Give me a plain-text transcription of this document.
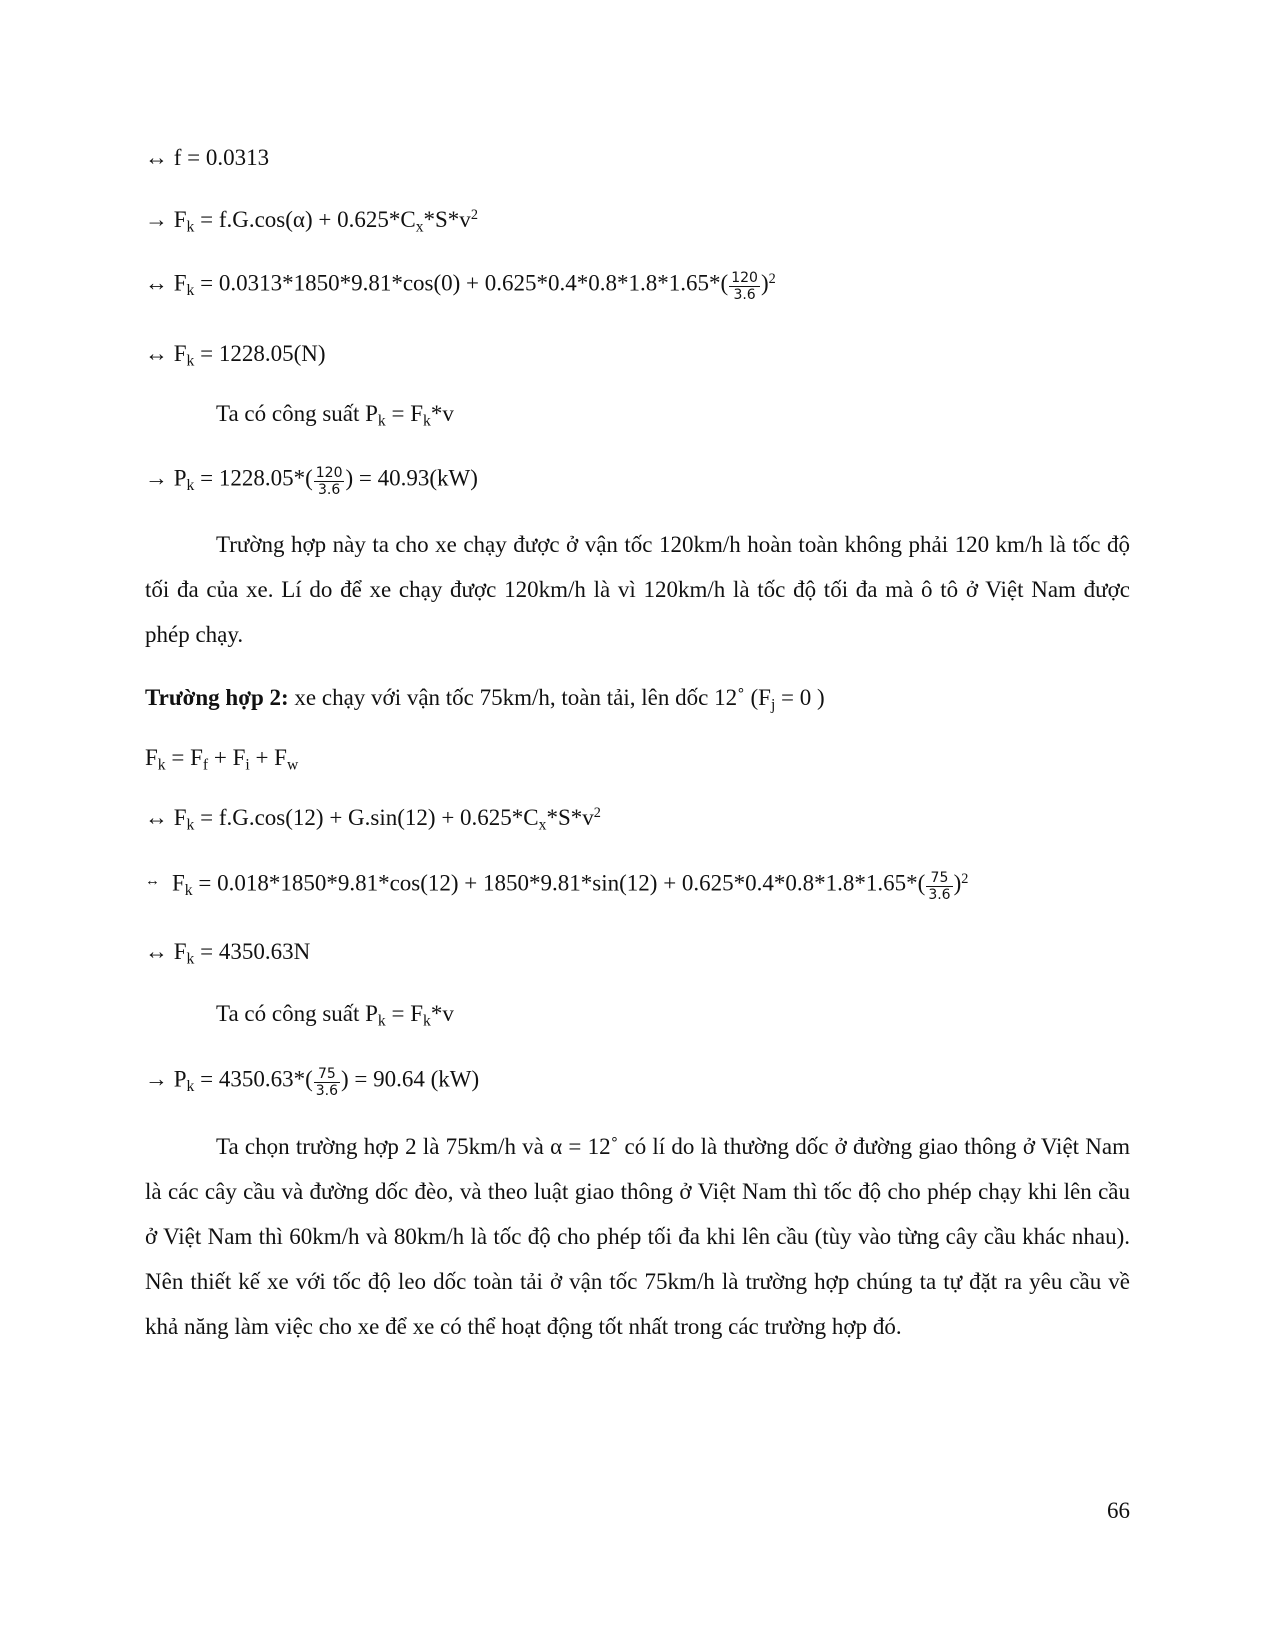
↔ f = 0.0313
→ $F_k = f.G.\cos(\alpha) + 0.625*C_x*S*v^2$
↔ $F_k = 0.0313*1850*9.81*\cos(0) + 0.625*0.4*0.8*1.8*1.65*( \frac{120}{3.6} )^2$
↔ $F_k = 1228.05(N)$
Ta có công suất $P_k = F_k*v$
→ $P_k = 1228.05*( \frac{120}{3.6}$ ) = 40.93(kW)
Trường hợp này ta cho xe chạy được ở vận tốc 120km/h hoàn toàn không phải 120 km/h là tốc độ tối đa của xe. Lí do để xe chạy được 120km/h là vì 120km/h là tốc độ tối đa mà ô tô ở Việt Nam được phép chạy.
Trường hợp 2: xe chạy với vận tốc 75km/h, toàn tải, lên dốc 12˚ ($F_j = 0$ )
$F_k = F_f + F_i + F_w$
↔ $F_k = f.G.\cos(12) + G.\sin(12) + 0.625*C_x*S*v^2$
↔ $F_k = 0.018*1850*9.81*\cos(12) + 1850*9.81*\sin(12) + 0.625*0.4*0.8*1.8*1.65*( \frac{75}{3.6} )^2$
↔ $F_k = 4350.63N$
Ta có công suất $P_k = F_k*v$
→ $P_k = 4350.63*( \frac{75}{3.6}$ ) = 90.64 (kW)
Ta chọn trường hợp 2 là 75km/h và α = 12˚ có lí do là thường dốc ở đường giao thông ở Việt Nam là các cây cầu và đường dốc đèo, và theo luật giao thông ở Việt Nam thì tốc độ cho phép chạy khi lên cầu ở Việt Nam thì 60km/h và 80km/h là tốc độ cho phép tối đa khi lên cầu (tùy vào từng cây cầu khác nhau). Nên thiết kế xe với tốc độ leo dốc toàn tải ở vận tốc 75km/h là trường hợp chúng ta tự đặt ra yêu cầu về khả năng làm việc cho xe để xe có thể hoạt động tốt nhất trong các trường hợp đó.
66
